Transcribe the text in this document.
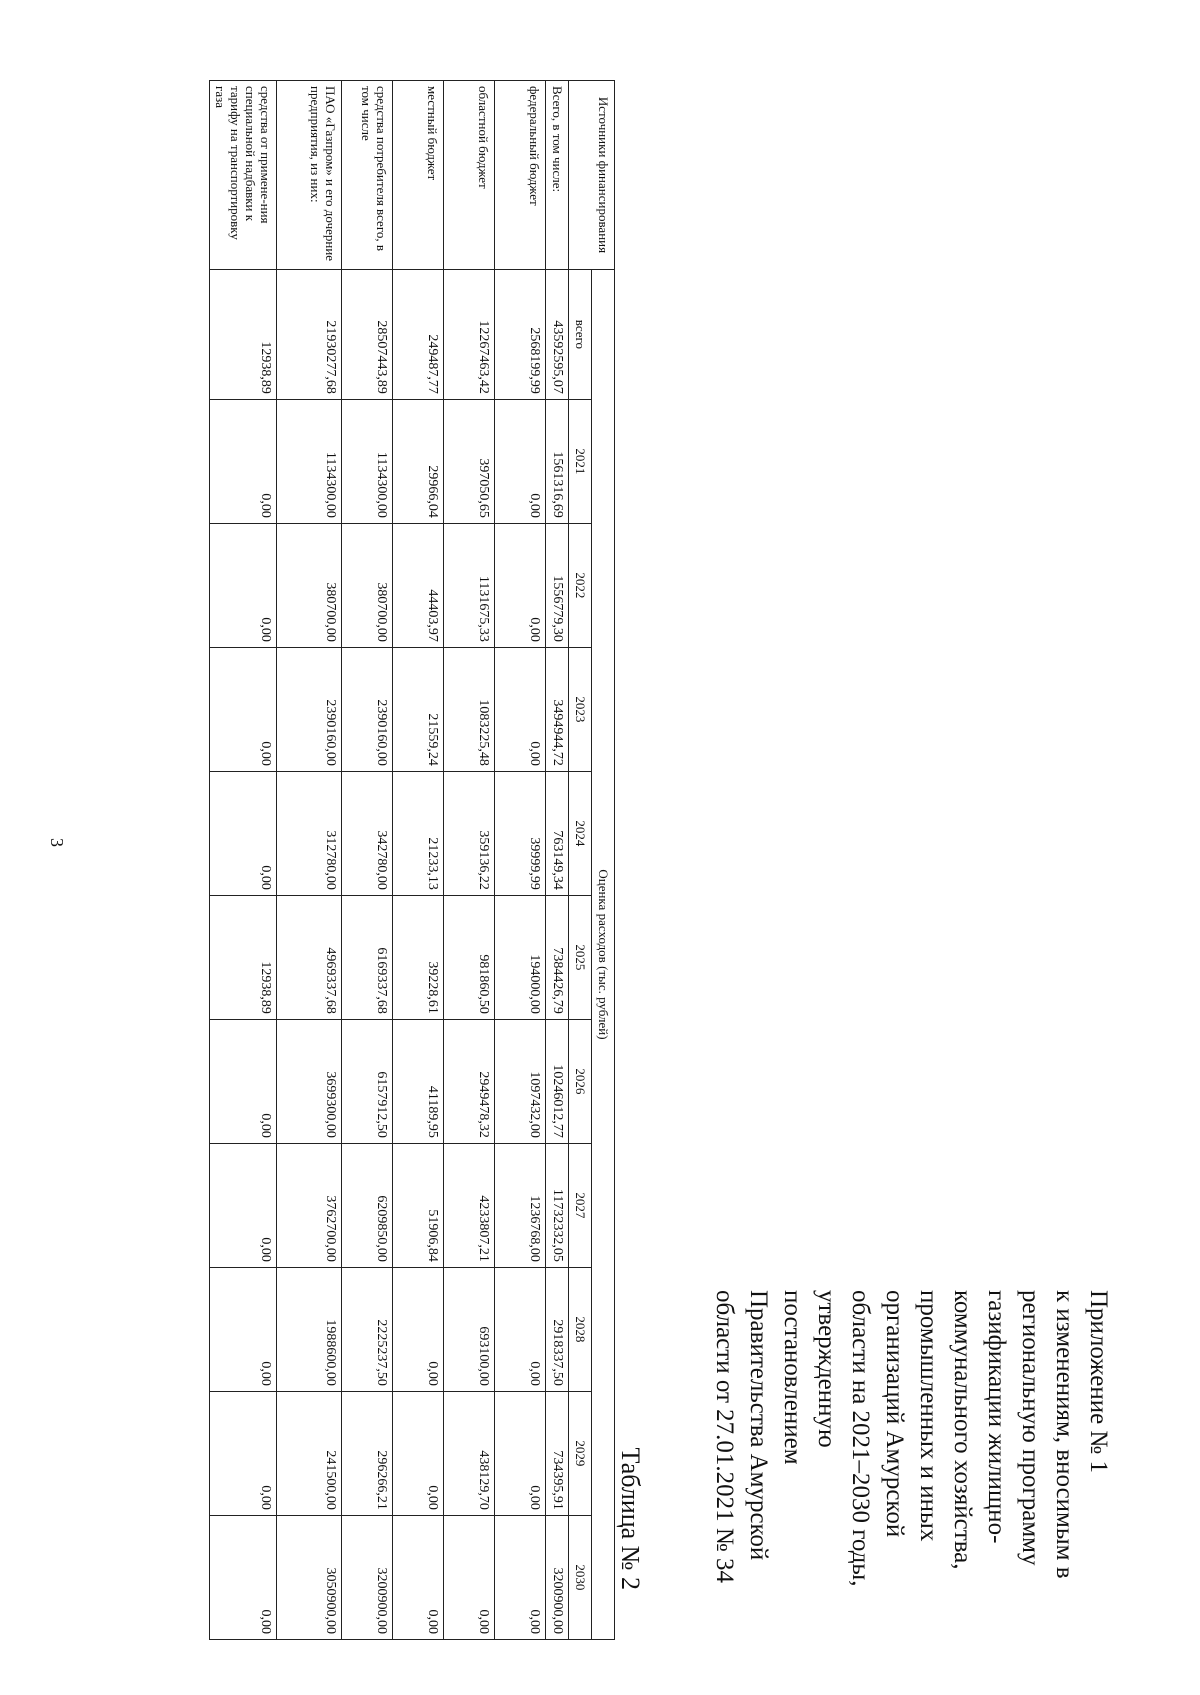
3
Приложение № 1
к изменениям, вносимым в
региональную программу
газификации жилищно-
коммунального хозяйства,
промышленных и иных
организаций Амурской
области на 2021–2030 годы,
утвержденную
постановлением
Правительства Амурской
области от 27.01.2021 № 34
Таблица № 2
Источники финансирования	Оценка расходов (тыс. рублей)										
	всего	2021	2022	2023	2024	2025	2026	2027	2028	2029	2030
Всего, в том числе:	43592595,07	1561316,69	1556779,30	3494944,72	763149,34	7384426,79	10246012,77	11732332,05	2918337,50	734395,91	3200900,00
федеральный бюджет	2568199,99	0,00	0,00	0,00	39999,99	194000,00	1097432,00	1236768,00	0,00	0,00	0,00
областной бюджет	12267463,42	397050,65	1131675,33	1083225,48	359136,22	981860,50	2949478,32	4233807,21	693100,00	438129,70	0,00
местный бюджет	249487,77	29966,04	44403,97	21559,24	21233,13	39228,61	41189,95	51906,84	0,00	0,00	0,00
средства потребителя всего, в том числе	28507443,89	1134300,00	380700,00	2390160,00	342780,00	6169337,68	6157912,50	6209850,00	2225237,50	296266,21	3200900,00
ПАО «Газпром» и его дочерние предприятия, из них:	21930277,68	1134300,00	380700,00	2390160,00	312780,00	4969337,68	3699300,00	3762700,00	1988600,00	241500,00	3050900,00
средства от примене-ния специальной надбавки к тарифу на транспортировку газа	12938,89	0,00	0,00	0,00	0,00	12938,89	0,00	0,00	0,00	0,00	0,00
